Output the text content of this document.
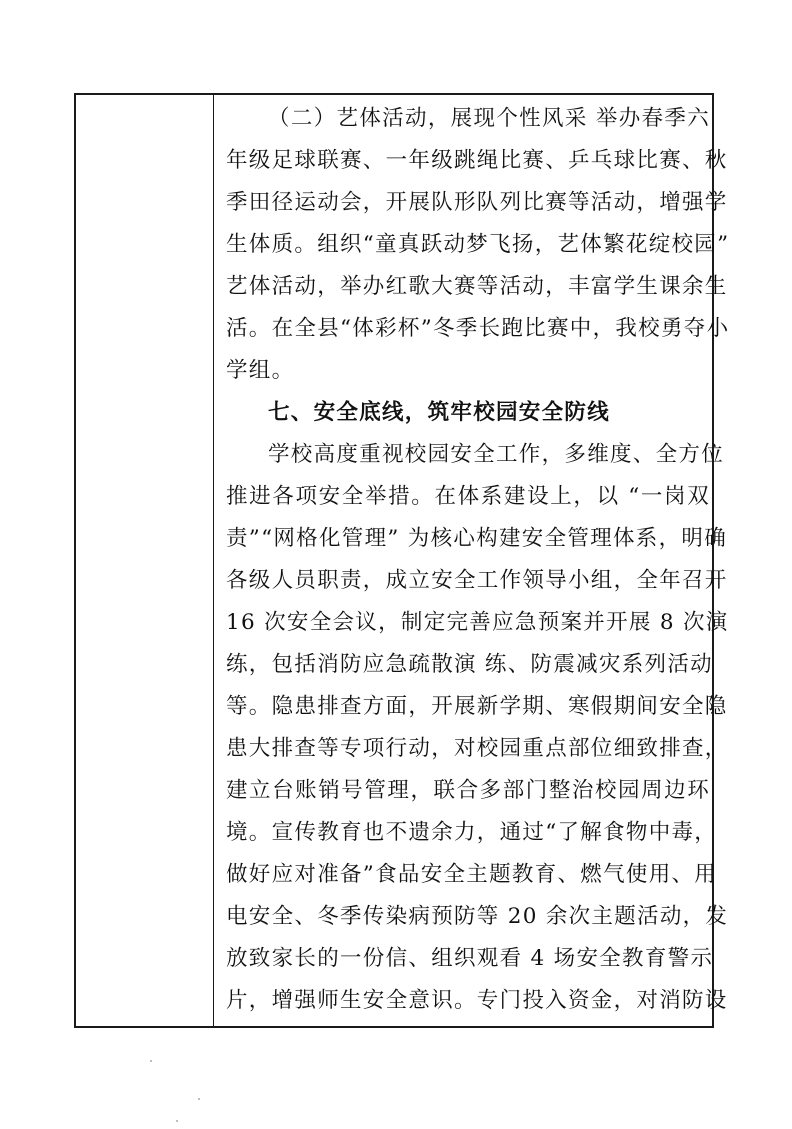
（二）艺体活动，展现个性风采 举办春季六
年级足球联赛、一年级跳绳比赛、乒乓球比赛、秋
季田径运动会，开展队形队列比赛等活动，增强学
生体质。组织“童真跃动梦飞扬，艺体繁花绽校园”
艺体活动，举办红歌大赛等活动，丰富学生课余生
活。在全县“体彩杯”冬季长跑比赛中，我校勇夺小
学组。
七、安全底线，筑牢校园安全防线
学校高度重视校园安全工作，多维度、全方位
推进各项安全举措。在体系建设上，以 “一岗双
责”“网格化管理” 为核心构建安全管理体系，明确
各级人员职责，成立安全工作领导小组，全年召开
16 次安全会议，制定完善应急预案并开展 8 次演
练，包括消防应急疏散演 练、防震减灾系列活动
等。隐患排查方面，开展新学期、寒假期间安全隐
患大排查等专项行动，对校园重点部位细致排查，
建立台账销号管理，联合多部门整治校园周边环
境。宣传教育也不遗余力，通过“了解食物中毒，
做好应对准备”食品安全主题教育、燃气使用、用
电安全、冬季传染病预防等 20 余次主题活动，发
放致家长的一份信、组织观看 4 场安全教育警示
片，增强师生安全意识。专门投入资金，对消防设
